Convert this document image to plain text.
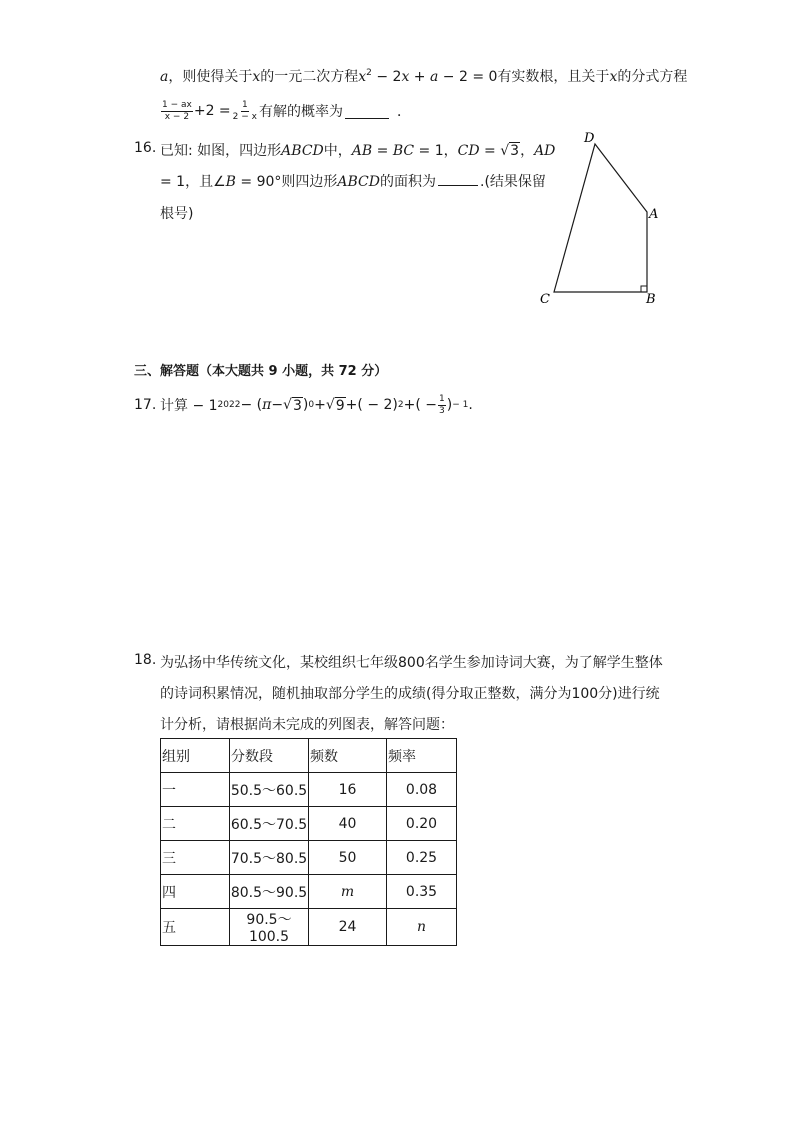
a，则使得关于x的一元二次方程$x^2 - 2x + a - 2 = 0$有实数根，且关于x的分式方程
$\frac{1 - ax}{x - 2} +2 = \frac{1}{2 - x}$ 有解的概率为	．
16. 已知: 如图，四边形ABCD中，AB = BC = 1，CD = √3，AD
= 1，且∠B = 90°则四边形ABCD的面积为	.(结果保留
根号)
D
A
C	B
三、解答题（本大题共 9 小题，共 72 分）
17. 计算 − 1 2022 − ( π − √ 3 ) 0 + √ 9 +( − 2) 2 +( − $\frac{1}{3}$ ) − 1 .
18. 为弘扬中华传统文化，某校组织七年级800名学生参加诗词大赛，为了解学生整体
的诗词积累情况，随机抽取部分学生的成绩(得分取正整数，满分为100分)进行统
计分析，请根据尚未完成的列图表，解答问题：
组别	分数段	频数	频率
一	50.5～60.5	16	0.08
二	60.5～70.5	40	0.20
三	70.5～80.5	50	0.25
四	80.5～90.5	m	0.35
五	90.5～100.5	24	n
